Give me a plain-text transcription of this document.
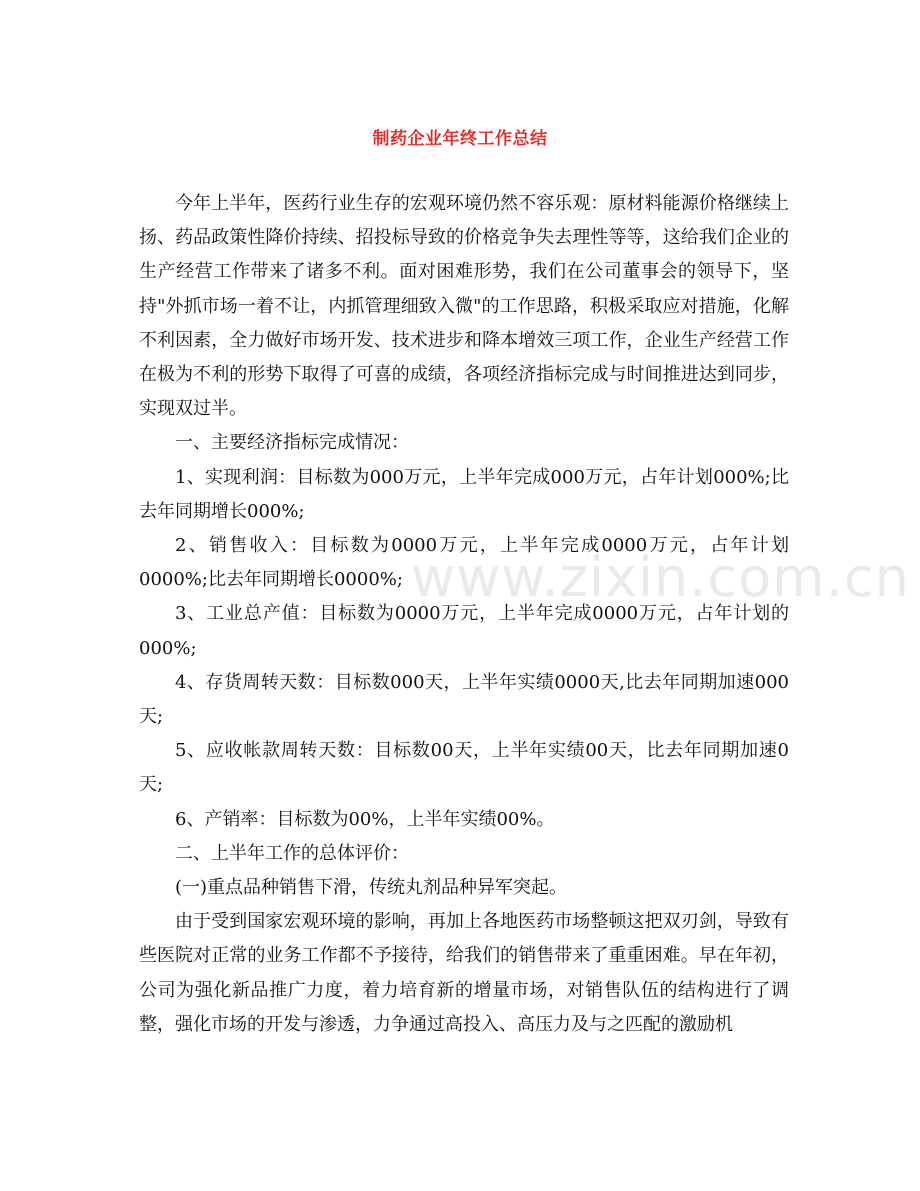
制药企业年终工作总结

今年上半年，医药行业生存的宏观环境仍然不容乐观：原材料能源价格继续上扬、药品政策性降价持续、招投标导致的价格竞争失去理性等等，这给我们企业的生产经营工作带来了诸多不利。面对困难形势，我们在公司董事会的领导下，坚持"外抓市场一着不让，内抓管理细致入微"的工作思路，积极采取应对措施，化解不利因素，全力做好市场开发、技术进步和降本增效三项工作，企业生产经营工作在极为不利的形势下取得了可喜的成绩，各项经济指标完成与时间推进达到同步，实现双过半。

一、主要经济指标完成情况：

1、实现利润：目标数为000万元，上半年完成000万元，占年计划000%;比去年同期增长000%;

2、销售收入：目标数为0000万元，上半年完成0000万元，占年计划0000%;比去年同期增长0000%;

3、工业总产值：目标数为0000万元，上半年完成0000万元，占年计划的000%;

4、存货周转天数：目标数000天，上半年实绩0000天,比去年同期加速000天;

5、应收帐款周转天数：目标数00天，上半年实绩00天，比去年同期加速0天;

6、产销率：目标数为00%，上半年实绩00%。

二、上半年工作的总体评价：

(一)重点品种销售下滑，传统丸剂品种异军突起。

由于受到国家宏观环境的影响，再加上各地医药市场整顿这把双刃剑，导致有些医院对正常的业务工作都不予接待，给我们的销售带来了重重困难。早在年初，公司为强化新品推广力度，着力培育新的增量市场，对销售队伍的结构进行了调整，强化市场的开发与渗透，力争通过高投入、高压力及与之匹配的激励机

www.zixin.com.cn
